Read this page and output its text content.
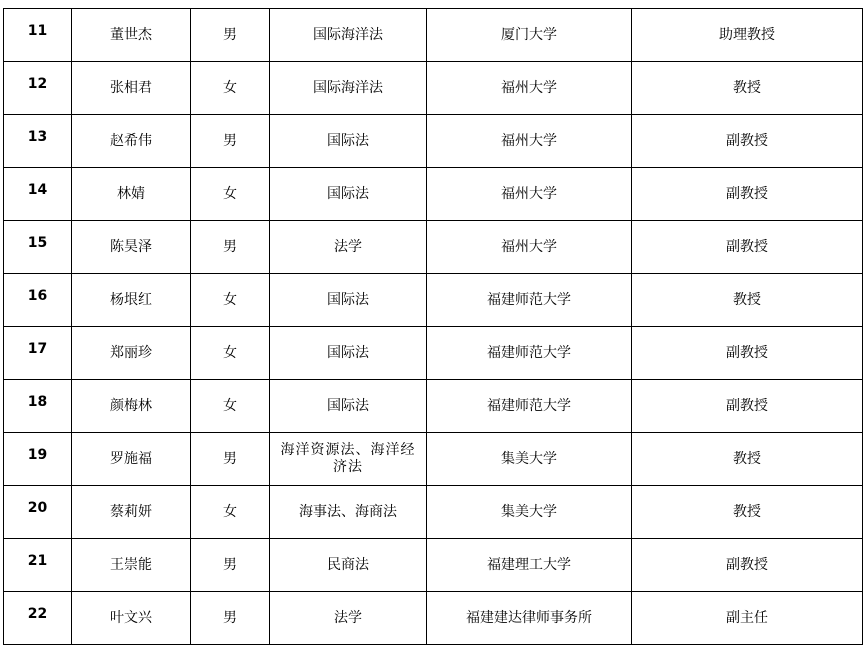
11	董世杰	男	国际海洋法	厦门大学	助理教授
12	张相君	女	国际海洋法	福州大学	教授
13	赵希伟	男	国际法	福州大学	副教授
14	林婧	女	国际法	福州大学	副教授
15	陈昊泽	男	法学	福州大学	副教授
16	杨垠红	女	国际法	福建师范大学	教授
17	郑丽珍	女	国际法	福建师范大学	副教授
18	颜梅林	女	国际法	福建师范大学	副教授
19	罗施福	男	海洋资源法、海洋经济法	集美大学	教授
20	蔡莉妍	女	海事法、海商法	集美大学	教授
21	王崇能	男	民商法	福建理工大学	副教授
22	叶文兴	男	法学	福建建达律师事务所	副主任
